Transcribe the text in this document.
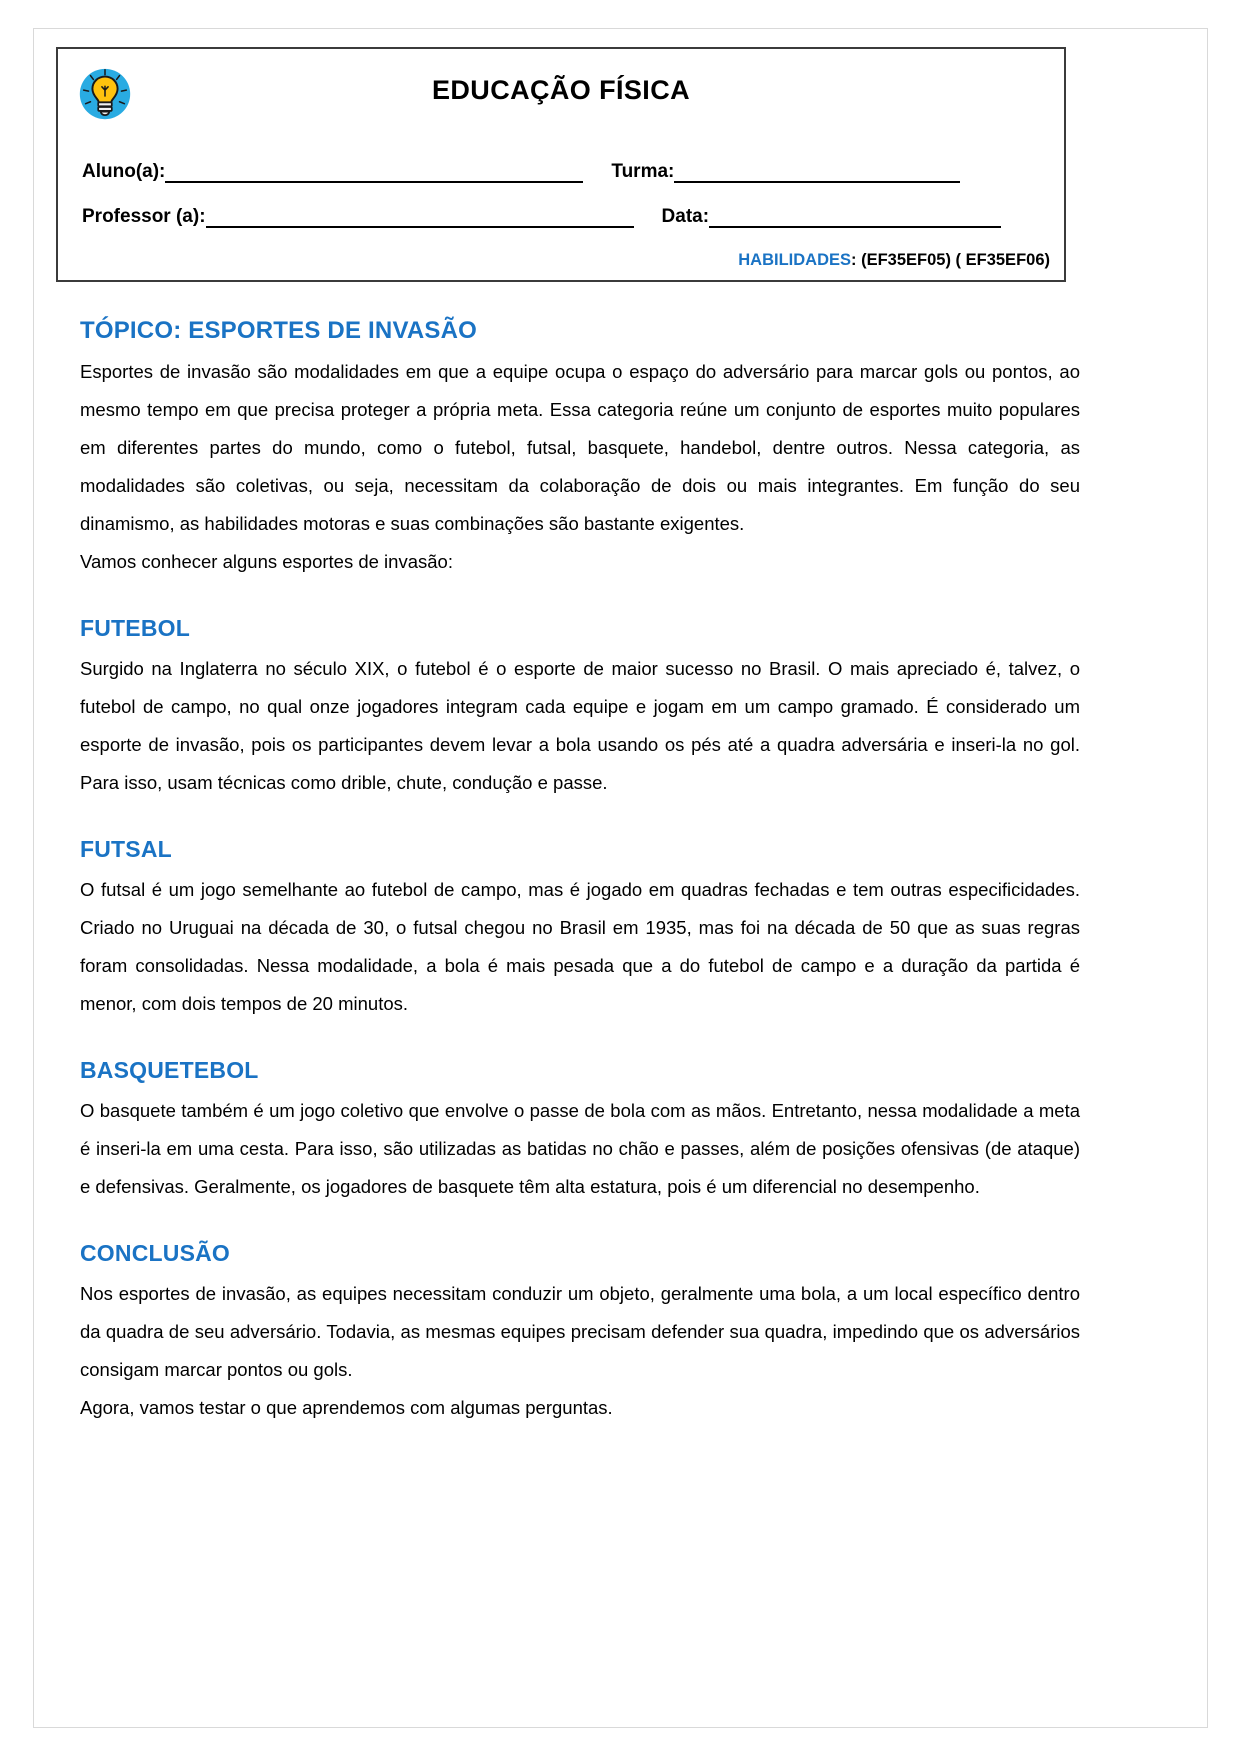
EDUCAÇÃO FÍSICA
Aluno(a):	Turma:
Professor (a):	Data:
HABILIDADES: (EF35EF05) ( EF35EF06)
TÓPICO: ESPORTES DE INVASÃO

Esportes de invasão são modalidades em que a equipe ocupa o espaço do adversário para marcar gols ou pontos, ao mesmo tempo em que precisa proteger a própria meta. Essa categoria reúne um conjunto de esportes muito populares em diferentes partes do mundo, como o futebol, futsal, basquete, handebol, dentre outros. Nessa categoria, as modalidades são coletivas, ou seja, necessitam da colaboração de dois ou mais integrantes. Em função do seu dinamismo, as habilidades motoras e suas combinações são bastante exigentes.

Vamos conhecer alguns esportes de invasão:

FUTEBOL

Surgido na Inglaterra no século XIX, o futebol é o esporte de maior sucesso no Brasil. O mais apreciado é, talvez, o futebol de campo, no qual onze jogadores integram cada equipe e jogam em um campo gramado. É considerado um esporte de invasão, pois os participantes devem levar a bola usando os pés até a quadra adversária e inseri-la no gol. Para isso, usam técnicas como drible, chute, condução e passe.

FUTSAL

O futsal é um jogo semelhante ao futebol de campo, mas é jogado em quadras fechadas e tem outras especificidades. Criado no Uruguai na década de 30, o futsal chegou no Brasil em 1935, mas foi na década de 50 que as suas regras foram consolidadas. Nessa modalidade, a bola é mais pesada que a do futebol de campo e a duração da partida é menor, com dois tempos de 20 minutos.

BASQUETEBOL

O basquete também é um jogo coletivo que envolve o passe de bola com as mãos. Entretanto, nessa modalidade a meta é inseri-la em uma cesta. Para isso, são utilizadas as batidas no chão e passes, além de posições ofensivas (de ataque) e defensivas. Geralmente, os jogadores de basquete têm alta estatura, pois é um diferencial no desempenho.

CONCLUSÃO

Nos esportes de invasão, as equipes necessitam conduzir um objeto, geralmente uma bola, a um local específico dentro da quadra de seu adversário. Todavia, as mesmas equipes precisam defender sua quadra, impedindo que os adversários consigam marcar pontos ou gols.

Agora, vamos testar o que aprendemos com algumas perguntas.
